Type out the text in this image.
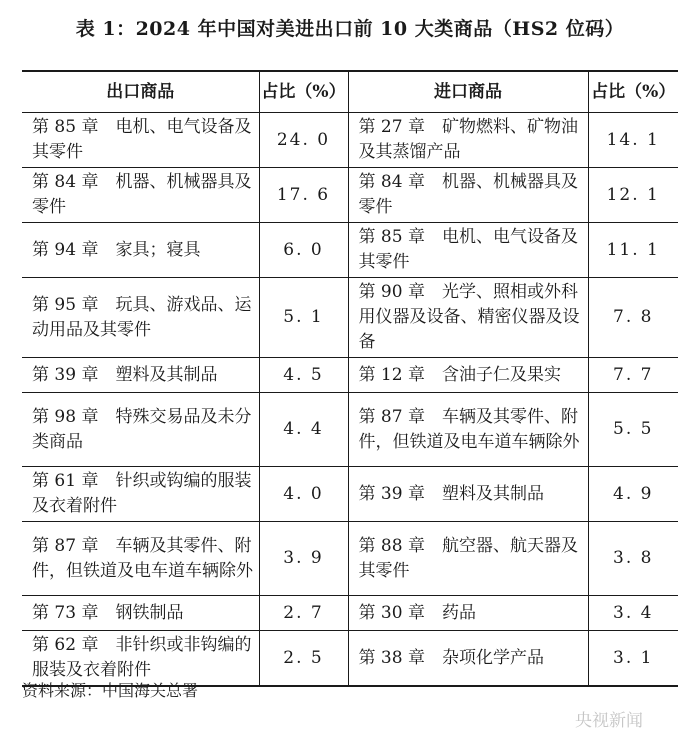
表 1：2024 年中国对美进出口前 10 大类商品（HS2 位码）
出口商品	占比（%）	进口商品	占比（%）
第 85 章　电机、电气设备及其零件	24. 0	第 27 章　矿物燃料、矿物油及其蒸馏产品	14. 1
第 84 章　机器、机械器具及零件	17. 6	第 84 章　机器、机械器具及零件	12. 1
第 94 章　家具；寝具	6. 0	第 85 章　电机、电气设备及其零件	11. 1
第 95 章　玩具、游戏品、运动用品及其零件	5. 1	第 90 章　光学、照相或外科用仪器及设备、精密仪器及设备	7. 8
第 39 章　塑料及其制品	4. 5	第 12 章　含油子仁及果实	7. 7
第 98 章　特殊交易品及未分类商品	4. 4	第 87 章　车辆及其零件、附件，但铁道及电车道车辆除外	5. 5
第 61 章　针织或钩编的服装及衣着附件	4. 0	第 39 章　塑料及其制品	4. 9
第 87 章　车辆及其零件、附件，但铁道及电车道车辆除外	3. 9	第 88 章　航空器、航天器及其零件	3. 8
第 73 章　钢铁制品	2. 7	第 30 章　药品	3. 4
第 62 章　非针织或非钩编的服装及衣着附件	2. 5	第 38 章　杂项化学产品	3. 1
资料来源：中国海关总署
央视新闻
